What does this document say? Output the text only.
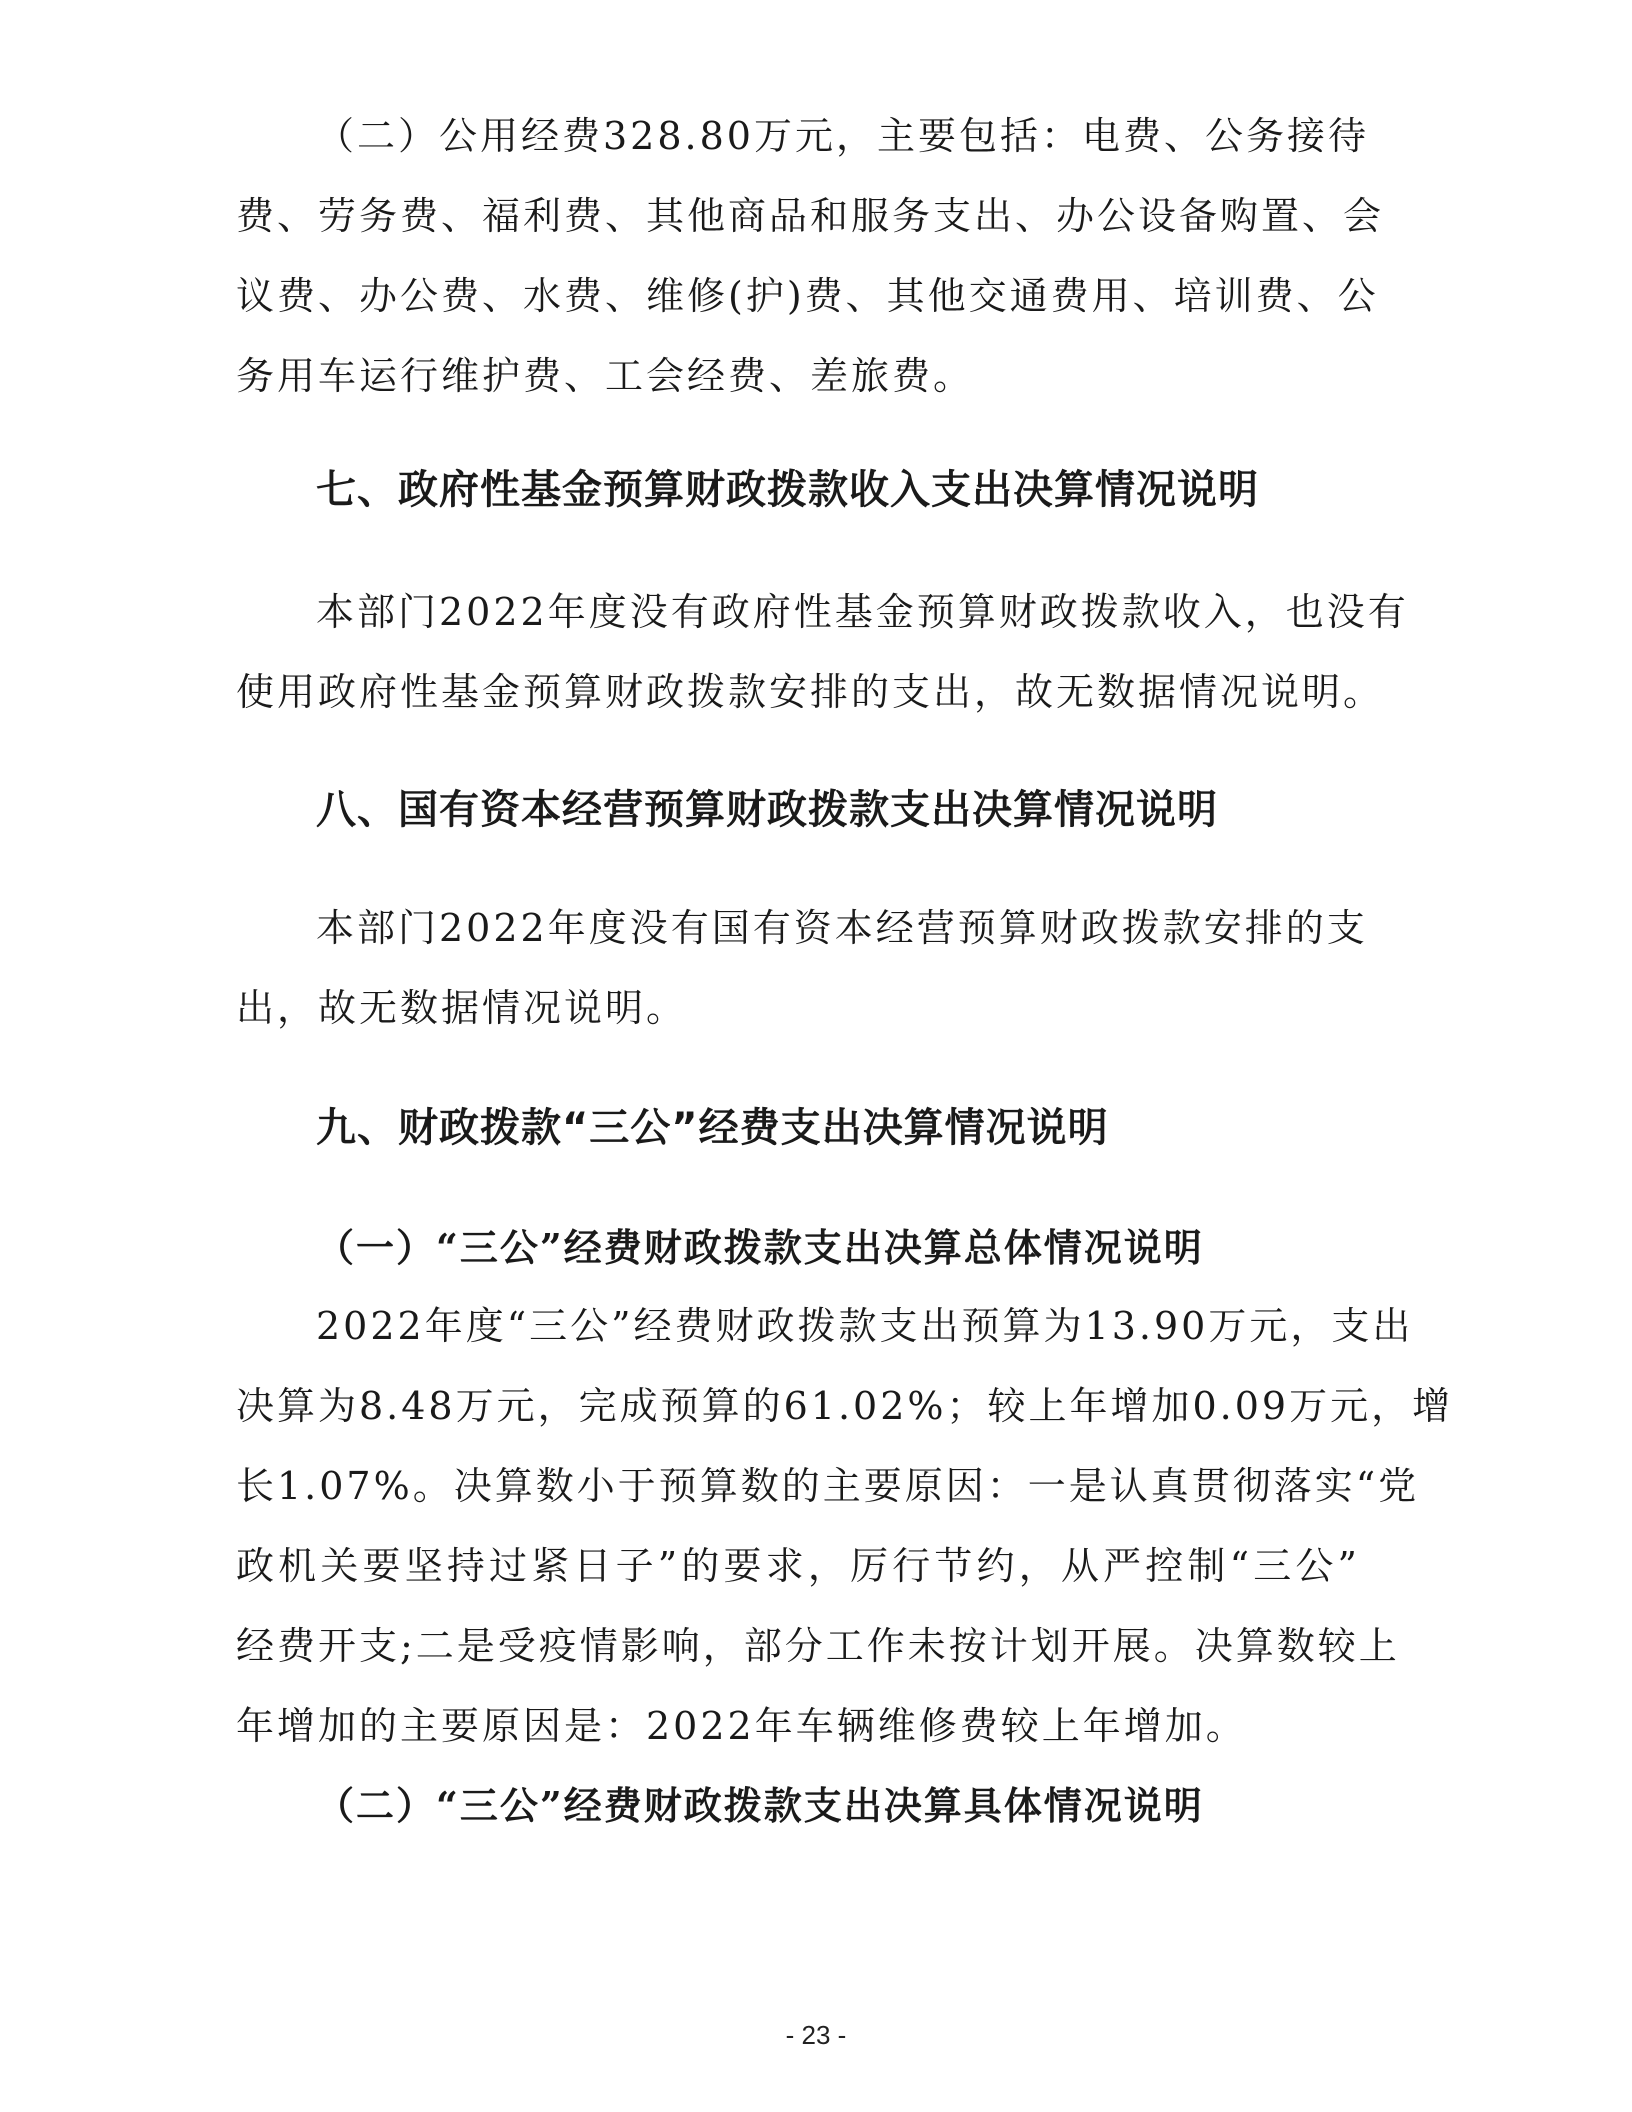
（二）公用经费328.80万元，主要包括：电费、公务接待
费、劳务费、福利费、其他商品和服务支出、办公设备购置、会
议费、办公费、水费、维修(护)费、其他交通费用、培训费、公
务用车运行维护费、工会经费、差旅费。
七、政府性基金预算财政拨款收入支出决算情况说明
本部门2022年度没有政府性基金预算财政拨款收入，也没有
使用政府性基金预算财政拨款安排的支出，故无数据情况说明。
八、国有资本经营预算财政拨款支出决算情况说明
本部门2022年度没有国有资本经营预算财政拨款安排的支
出，故无数据情况说明。
九、财政拨款“三公”经费支出决算情况说明
（一）“三公”经费财政拨款支出决算总体情况说明
2022年度“三公”经费财政拨款支出预算为13.90万元，支出
决算为8.48万元，完成预算的61.02%；较上年增加0.09万元，增
长1.07%。决算数小于预算数的主要原因：一是认真贯彻落实“党
政机关要坚持过紧日子”的要求，厉行节约，从严控制“三公”
经费开支;二是受疫情影响，部分工作未按计划开展。决算数较上
年增加的主要原因是：2022年车辆维修费较上年增加。
（二）“三公”经费财政拨款支出决算具体情况说明
- 23 -
